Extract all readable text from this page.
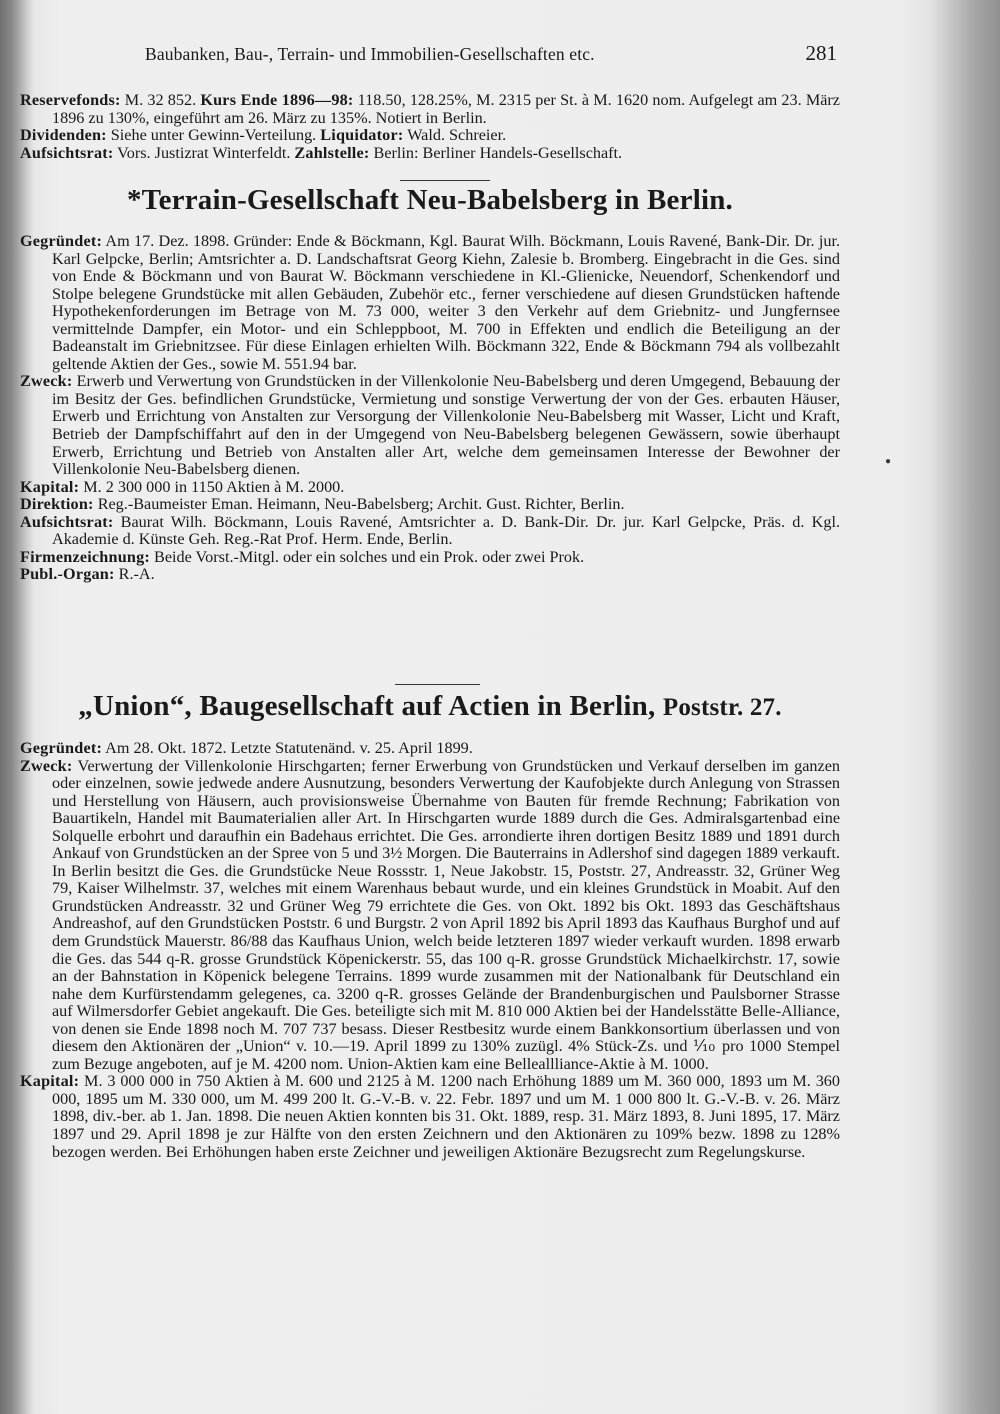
Baubanken, Bau-, Terrain- und Immobilien-Gesellschaften etc.	281

Reservefonds: M. 32 852. Kurs Ende 1896—98: 118.50, 128.25%, M. 2315 per St. à M. 1620 nom. Aufgelegt am 23. März 1896 zu 130%, eingeführt am 26. März zu 135%. Notiert in Berlin.

Dividenden: Siehe unter Gewinn-Verteilung. Liquidator: Wald. Schreier.

Aufsichtsrat: Vors. Justizrat Winterfeldt. Zahlstelle: Berlin: Berliner Handels-Gesellschaft.

*Terrain-Gesellschaft Neu-Babelsberg in Berlin.

Gegründet: Am 17. Dez. 1898. Gründer: Ende & Böckmann, Kgl. Baurat Wilh. Böckmann, Louis Ravené, Bank-Dir. Dr. jur. Karl Gelpcke, Berlin; Amtsrichter a. D. Landschaftsrat Georg Kiehn, Zalesie b. Bromberg. Eingebracht in die Ges. sind von Ende & Böckmann und von Baurat W. Böckmann verschiedene in Kl.-Glienicke, Neuendorf, Schenkendorf und Stolpe belegene Grundstücke mit allen Gebäuden, Zubehör etc., ferner verschiedene auf diesen Grundstücken haftende Hypothekenforderungen im Betrage von M. 73 000, weiter 3 den Verkehr auf dem Griebnitz- und Jungfernsee vermittelnde Dampfer, ein Motor- und ein Schleppboot, M. 700 in Effekten und endlich die Beteiligung an der Badeanstalt im Griebnitzsee. Für diese Einlagen erhielten Wilh. Böckmann 322, Ende & Böckmann 794 als vollbezahlt geltende Aktien der Ges., sowie M. 551.94 bar.

Zweck: Erwerb und Verwertung von Grundstücken in der Villenkolonie Neu-Babelsberg und deren Umgegend, Bebauung der im Besitz der Ges. befindlichen Grundstücke, Vermietung und sonstige Verwertung der von der Ges. erbauten Häuser, Erwerb und Errichtung von Anstalten zur Versorgung der Villenkolonie Neu-Babelsberg mit Wasser, Licht und Kraft, Betrieb der Dampfschiffahrt auf den in der Umgegend von Neu-Babelsberg belegenen Gewässern, sowie überhaupt Erwerb, Errichtung und Betrieb von Anstalten aller Art, welche dem gemeinsamen Interesse der Bewohner der Villenkolonie Neu-Babelsberg dienen.

Kapital: M. 2 300 000 in 1150 Aktien à M. 2000.

Direktion: Reg.-Baumeister Eman. Heimann, Neu-Babelsberg; Archit. Gust. Richter, Berlin.

Aufsichtsrat: Baurat Wilh. Böckmann, Louis Ravené, Amtsrichter a. D. Bank-Dir. Dr. jur. Karl Gelpcke, Präs. d. Kgl. Akademie d. Künste Geh. Reg.-Rat Prof. Herm. Ende, Berlin.

Firmenzeichnung: Beide Vorst.-Mitgl. oder ein solches und ein Prok. oder zwei Prok.

Publ.-Organ: R.-A.

„Union“, Baugesellschaft auf Actien in Berlin, Poststr. 27.

Gegründet: Am 28. Okt. 1872. Letzte Statutenänd. v. 25. April 1899.

Zweck: Verwertung der Villenkolonie Hirschgarten; ferner Erwerbung von Grundstücken und Verkauf derselben im ganzen oder einzelnen, sowie jedwede andere Ausnutzung, besonders Verwertung der Kaufobjekte durch Anlegung von Strassen und Herstellung von Häusern, auch provisionsweise Übernahme von Bauten für fremde Rechnung; Fabrikation von Bauartikeln, Handel mit Baumaterialien aller Art. In Hirschgarten wurde 1889 durch die Ges. Admiralsgartenbad eine Solquelle erbohrt und daraufhin ein Badehaus errichtet. Die Ges. arrondierte ihren dortigen Besitz 1889 und 1891 durch Ankauf von Grundstücken an der Spree von 5 und 3½ Morgen. Die Bauterrains in Adlershof sind dagegen 1889 verkauft. In Berlin besitzt die Ges. die Grundstücke Neue Rossstr. 1, Neue Jakobstr. 15, Poststr. 27, Andreasstr. 32, Grüner Weg 79, Kaiser Wilhelmstr. 37, welches mit einem Warenhaus bebaut wurde, und ein kleines Grundstück in Moabit. Auf den Grundstücken Andreasstr. 32 und Grüner Weg 79 errichtete die Ges. von Okt. 1892 bis Okt. 1893 das Geschäftshaus Andreashof, auf den Grundstücken Poststr. 6 und Burgstr. 2 von April 1892 bis April 1893 das Kaufhaus Burghof und auf dem Grundstück Mauerstr. 86/88 das Kaufhaus Union, welch beide letzteren 1897 wieder verkauft wurden. 1898 erwarb die Ges. das 544 q-R. grosse Grundstück Köpenickerstr. 55, das 100 q-R. grosse Grundstück Michaelkirchstr. 17, sowie an der Bahnstation in Köpenick belegene Terrains. 1899 wurde zusammen mit der Nationalbank für Deutschland ein nahe dem Kurfürstendamm gelegenes, ca. 3200 q-R. grosses Gelände der Brandenburgischen und Paulsborner Strasse auf Wilmersdorfer Gebiet angekauft. Die Ges. beteiligte sich mit M. 810 000 Aktien bei der Handelsstätte Belle-Alliance, von denen sie Ende 1898 noch M. 707 737 besass. Dieser Restbesitz wurde einem Bankkonsortium überlassen und von diesem den Aktionären der „Union“ v. 10.—19. April 1899 zu 130% zuzügl. 4% Stück-Zs. und ⅒ pro 1000 Stempel zum Bezuge angeboten, auf je M. 4200 nom. Union-Aktien kam eine Belleallliance-Aktie à M. 1000.

Kapital: M. 3 000 000 in 750 Aktien à M. 600 und 2125 à M. 1200 nach Erhöhung 1889 um M. 360 000, 1893 um M. 360 000, 1895 um M. 330 000, um M. 499 200 lt. G.-V.-B. v. 22. Febr. 1897 und um M. 1 000 800 lt. G.-V.-B. v. 26. März 1898, div.-ber. ab 1. Jan. 1898. Die neuen Aktien konnten bis 31. Okt. 1889, resp. 31. März 1893, 8. Juni 1895, 17. März 1897 und 29. April 1898 je zur Hälfte von den ersten Zeichnern und den Aktionären zu 109% bezw. 1898 zu 128% bezogen werden. Bei Erhöhungen haben erste Zeichner und jeweiligen Aktionäre Bezugsrecht zum Regelungskurse.

●
